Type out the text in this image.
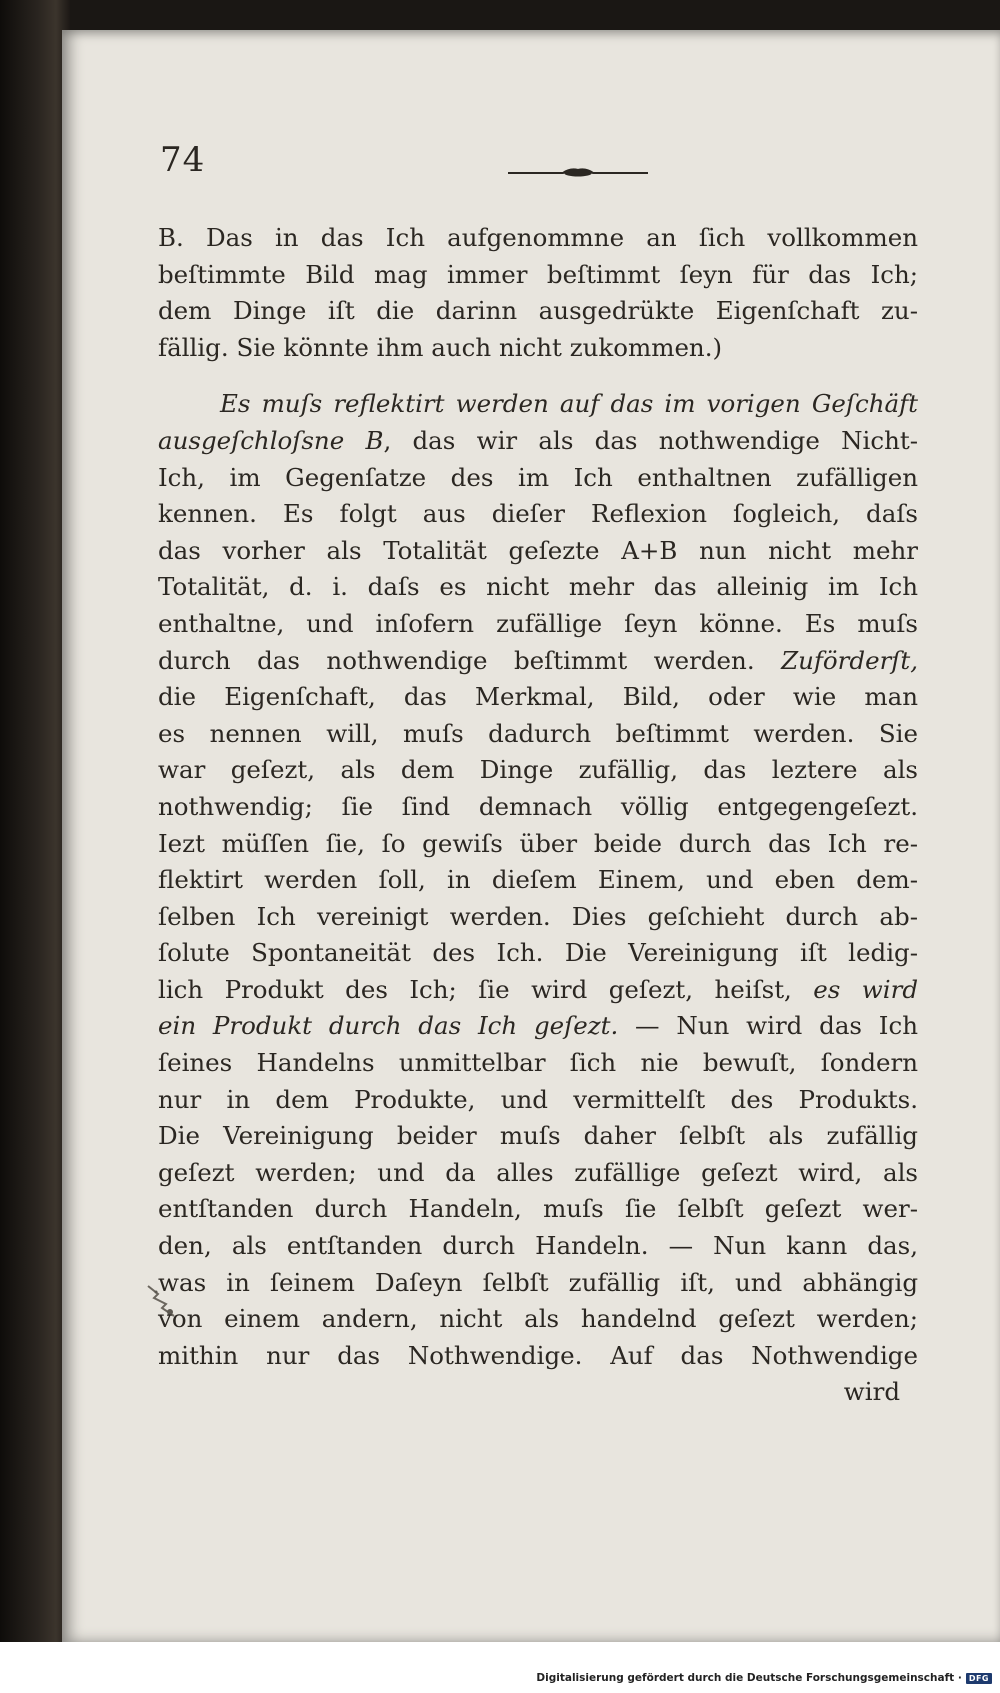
74
B. Das in das Ich aufgenommne an ſich vollkommen
beſtimmte Bild mag immer beſtimmt ſeyn für das Ich;
dem Dinge iſt die darinn ausgedrükte Eigenſchaft zu-
fällig. Sie könnte ihm auch nicht zukommen.)
Es muſs reflektirt werden auf das im vorigen Geſchäft
ausgeſchloſsne B, das wir als das nothwendige Nicht-
Ich, im Gegenſatze des im Ich enthaltnen zufälligen
kennen. Es folgt aus dieſer Reflexion ſogleich, daſs
das vorher als Totalität geſezte A+B nun nicht mehr
Totalität, d. i. daſs es nicht mehr das alleinig im Ich
enthaltne, und inſofern zufällige ſeyn könne. Es muſs
durch das nothwendige beſtimmt werden. Zuförderſt,
die Eigenſchaft, das Merkmal, Bild, oder wie man
es nennen will, muſs dadurch beſtimmt werden. Sie
war geſezt, als dem Dinge zufällig, das leztere als
nothwendig; ſie ſind demnach völlig entgegengeſezt.
Iezt müſſen ſie, ſo gewiſs über beide durch das Ich re-
flektirt werden ſoll, in dieſem Einem, und eben dem-
ſelben Ich vereinigt werden. Dies geſchieht durch ab-
ſolute Spontaneität des Ich. Die Vereinigung iſt ledig-
lich Produkt des Ich; ſie wird geſezt, heiſst, es wird
ein Produkt durch das Ich geſezt. — Nun wird das Ich
ſeines Handelns unmittelbar ſich nie bewuſt, ſondern
nur in dem Produkte, und vermittelſt des Produkts.
Die Vereinigung beider muſs daher ſelbſt als zufällig
geſezt werden; und da alles zufällige geſezt wird, als
entſtanden durch Handeln, muſs ſie ſelbſt geſezt wer-
den, als entſtanden durch Handeln. — Nun kann das,
was in ſeinem Daſeyn ſelbſt zufällig iſt, und abhängig
von einem andern, nicht als handelnd geſezt werden;
mithin nur das Nothwendige. Auf das Nothwendige
wird
Digitalisierung gefördert durch die Deutsche Forschungsgemeinschaft · DFG
